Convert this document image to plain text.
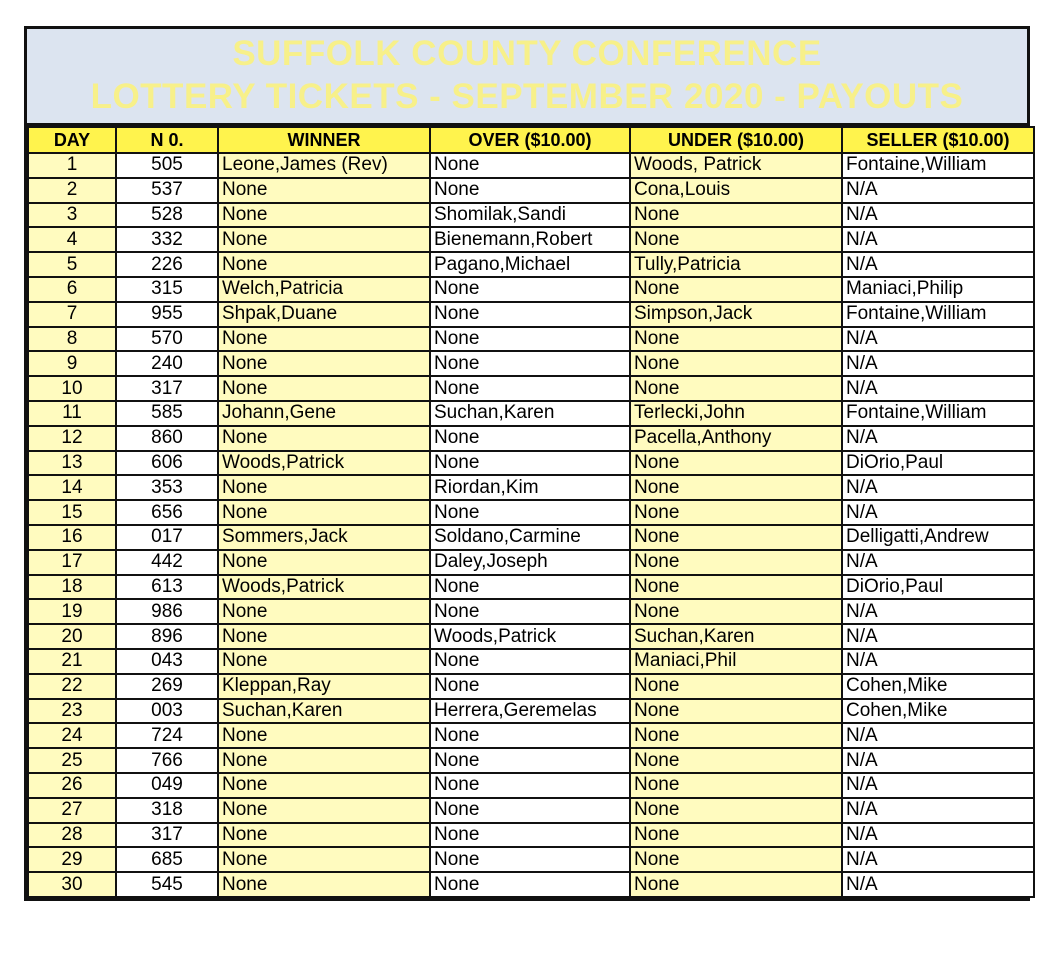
SUFFOLK COUNTY CONFERENCE
LOTTERY TICKETS - SEPTEMBER 2020 - PAYOUTS
DAY	N 0.	WINNER	OVER ($10.00)	UNDER ($10.00)	SELLER ($10.00)
1	505	Leone,James (Rev)	None	Woods, Patrick	Fontaine,William
2	537	None	None	Cona,Louis	N/A
3	528	None	Shomilak,Sandi	None	N/A
4	332	None	Bienemann,Robert	None	N/A
5	226	None	Pagano,Michael	Tully,Patricia	N/A
6	315	Welch,Patricia	None	None	Maniaci,Philip
7	955	Shpak,Duane	None	Simpson,Jack	Fontaine,William
8	570	None	None	None	N/A
9	240	None	None	None	N/A
10	317	None	None	None	N/A
11	585	Johann,Gene	Suchan,Karen	Terlecki,John	Fontaine,William
12	860	None	None	Pacella,Anthony	N/A
13	606	Woods,Patrick	None	None	DiOrio,Paul
14	353	None	Riordan,Kim	None	N/A
15	656	None	None	None	N/A
16	017	Sommers,Jack	Soldano,Carmine	None	Delligatti,Andrew
17	442	None	Daley,Joseph	None	N/A
18	613	Woods,Patrick	None	None	DiOrio,Paul
19	986	None	None	None	N/A
20	896	None	Woods,Patrick	Suchan,Karen	N/A
21	043	None	None	Maniaci,Phil	N/A
22	269	Kleppan,Ray	None	None	Cohen,Mike
23	003	Suchan,Karen	Herrera,Geremelas	None	Cohen,Mike
24	724	None	None	None	N/A
25	766	None	None	None	N/A
26	049	None	None	None	N/A
27	318	None	None	None	N/A
28	317	None	None	None	N/A
29	685	None	None	None	N/A
30	545	None	None	None	N/A
